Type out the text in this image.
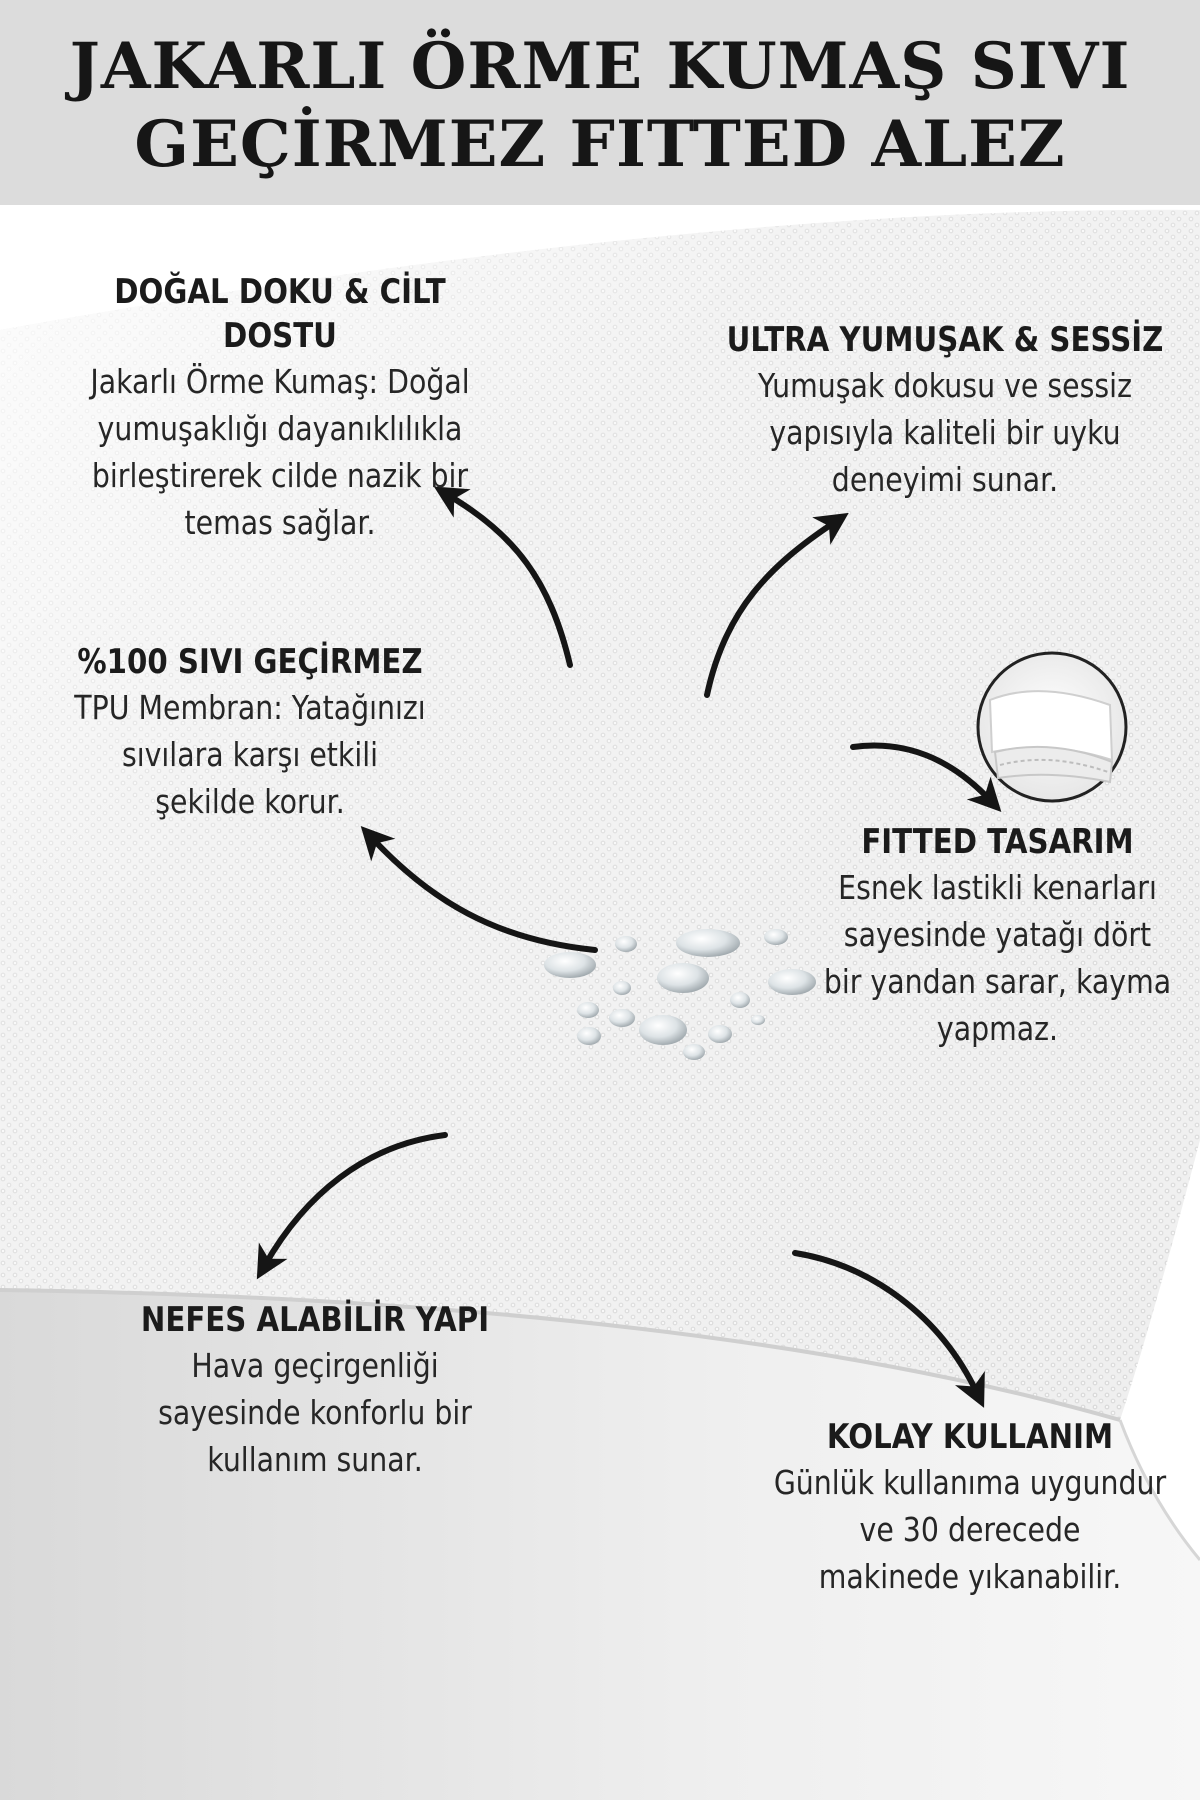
JAKARLI ÖRME KUMAŞ SIVI
GEÇİRMEZ FITTED ALEZ
DOĞAL DOKU & CİLT DOSTU
Jakarlı Örme Kumaş: Doğal
yumuşaklığı dayanıklılıkla
birleştirerek cilde nazik bir
temas sağlar.
ULTRA YUMUŞAK & SESSİZ
Yumuşak dokusu ve sessiz
yapısıyla kaliteli bir uyku
deneyimi sunar.
%100 SIVI GEÇİRMEZ
TPU Membran: Yatağınızı
sıvılara karşı etkili
şekilde korur.
FITTED TASARIM
Esnek lastikli kenarları
sayesinde yatağı dört
bir yandan sarar, kayma
yapmaz.
NEFES ALABİLİR YAPI
Hava geçirgenliği
sayesinde konforlu bir
kullanım sunar.
KOLAY KULLANIM
Günlük kullanıma uygundur
ve 30 derecede
makinede yıkanabilir.
